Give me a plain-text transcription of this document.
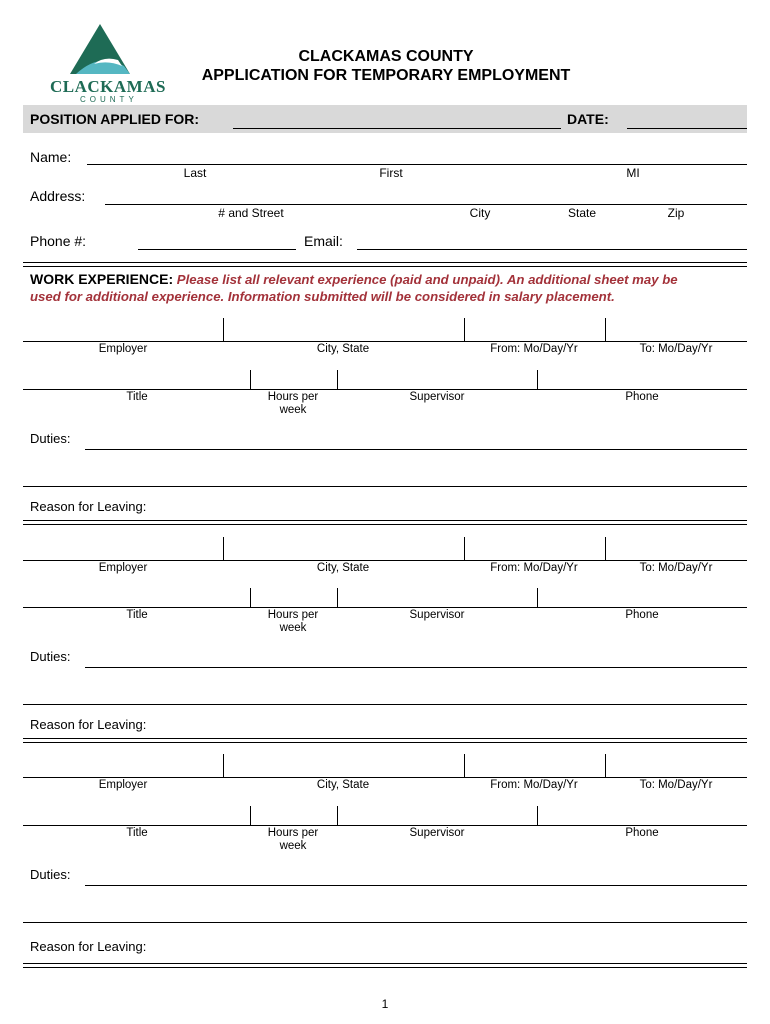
CLACKAMAS
COUNTY
CLACKAMAS COUNTY
APPLICATION FOR TEMPORARY EMPLOYMENT
POSITION APPLIED FOR:	DATE:
Name:
Last	First	MI
Address:
# and Street	City	State	Zip
Phone #:	Email:
WORK EXPERIENCE: Please list all relevant experience (paid and unpaid). An additional sheet may be
used for additional experience. Information submitted will be considered in salary placement.
Employer	City, State	From: Mo/Day/Yr	To: Mo/Day/Yr
Title	Hours per
week
Supervisor	Phone
Duties:
Reason for Leaving:
Employer	City, State	From: Mo/Day/Yr	To: Mo/Day/Yr
Title	Hours per
week
Supervisor	Phone
Duties:
Reason for Leaving:
Employer	City, State	From: Mo/Day/Yr	To: Mo/Day/Yr
Title	Hours per
week
Supervisor	Phone
Duties:
Reason for Leaving:
1
